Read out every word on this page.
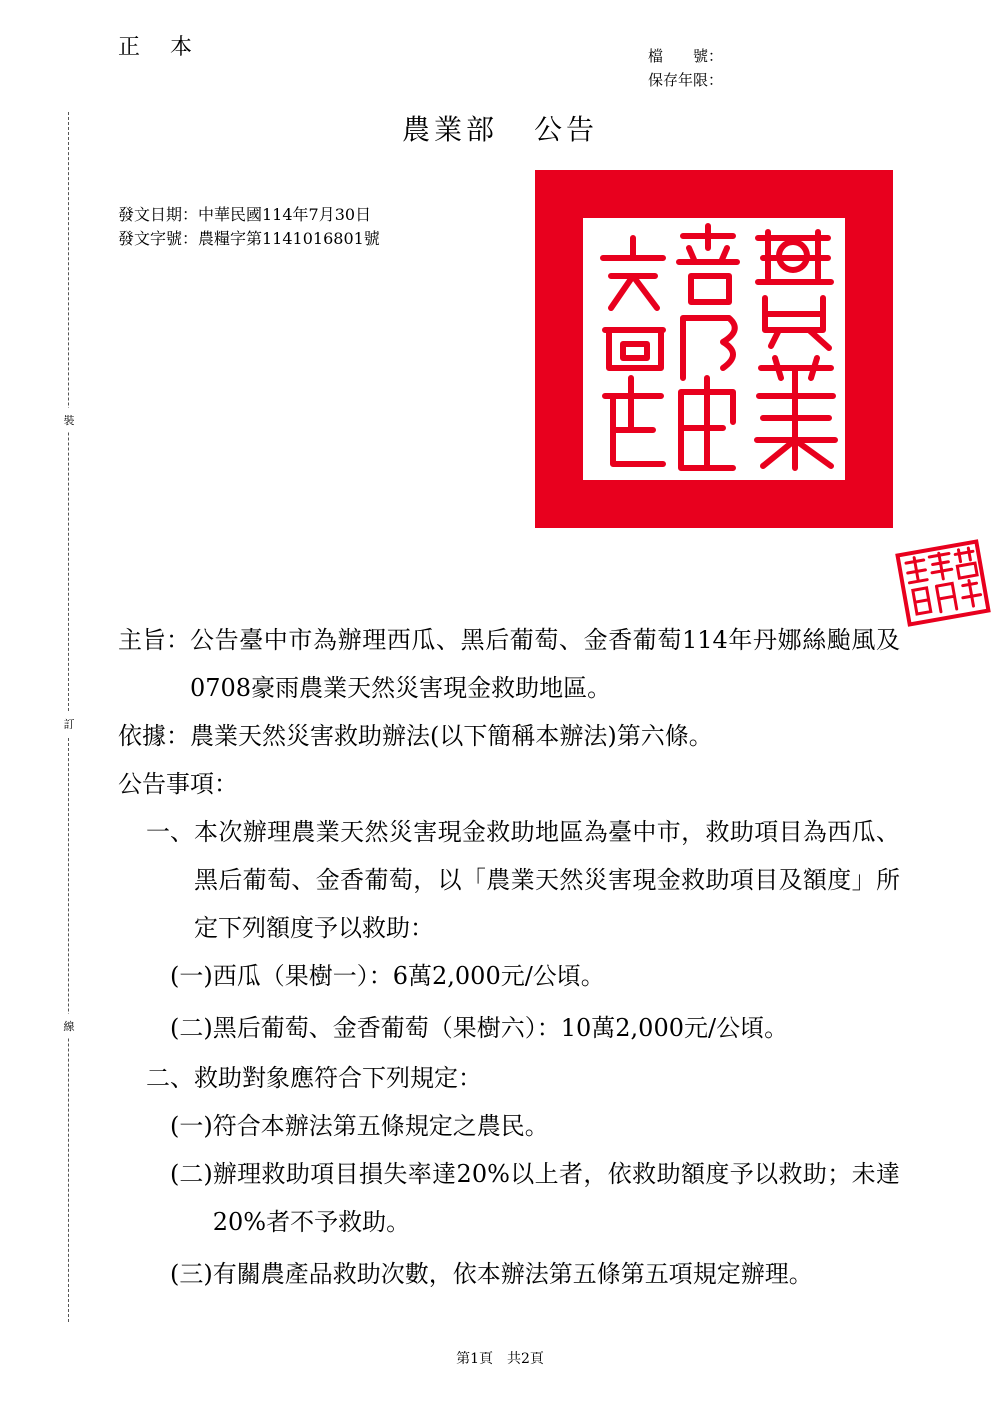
正本	檔　　號：
保存年限：
裝
訂
線
農業部 公告
發文日期：中華民國114年7月30日
發文字號：農糧字第1141016801號
主旨： 公告臺中市為辦理西瓜、黑后葡萄、金香葡萄114年丹娜絲颱風及0708豪雨農業天然災害現金救助地區。
依據： 農業天然災害救助辦法(以下簡稱本辦法)第六條。
公告事項：
一、 本次辦理農業天然災害現金救助地區為臺中市，救助項目為西瓜、黑后葡萄、金香葡萄，以「農業天然災害現金救助項目及額度」所定下列額度予以救助：
(一) 西瓜（果樹一）：6萬2,000元/公頃。
(二) 黑后葡萄、金香葡萄（果樹六）：10萬2,000元/公頃。
二、 救助對象應符合下列規定：
(一) 符合本辦法第五條規定之農民。
(二) 辦理救助項目損失率達20%以上者，依救助額度予以救助；未達20%者不予救助。
(三) 有關農產品救助次數，依本辦法第五條第五項規定辦理。
第1頁　共2頁
